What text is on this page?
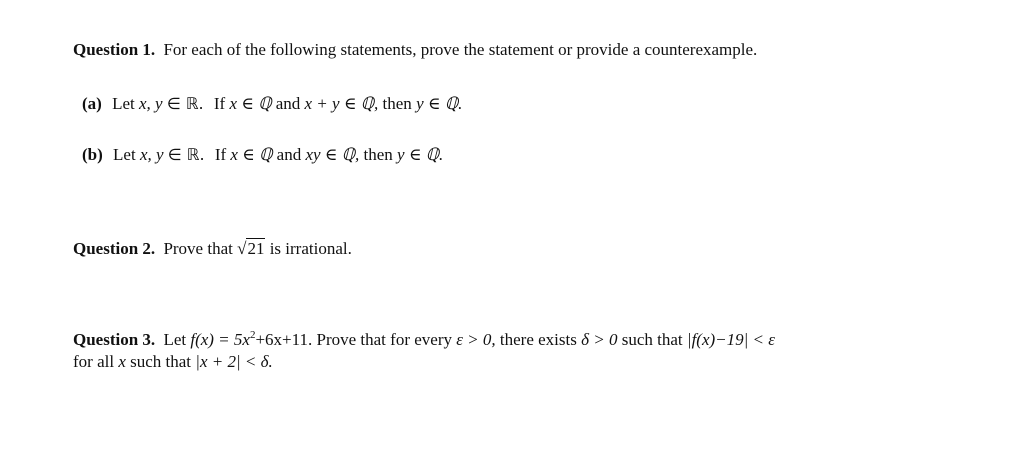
Question 1. For each of the following statements, prove the statement or provide a counterexample.
(a) Let x, y ∈ ℝ. If x ∈ ℚ and x + y ∈ ℚ, then y ∈ ℚ.
(b) Let x, y ∈ ℝ. If x ∈ ℚ and xy ∈ ℚ, then y ∈ ℚ.
Question 2. Prove that √21 is irrational.
Question 3. Let $f(x) = 5x^2+6x+11$. Prove that for every ε > 0, there exists δ > 0 such that |f(x)−19| < ε
for all x such that |x + 2| < δ.
